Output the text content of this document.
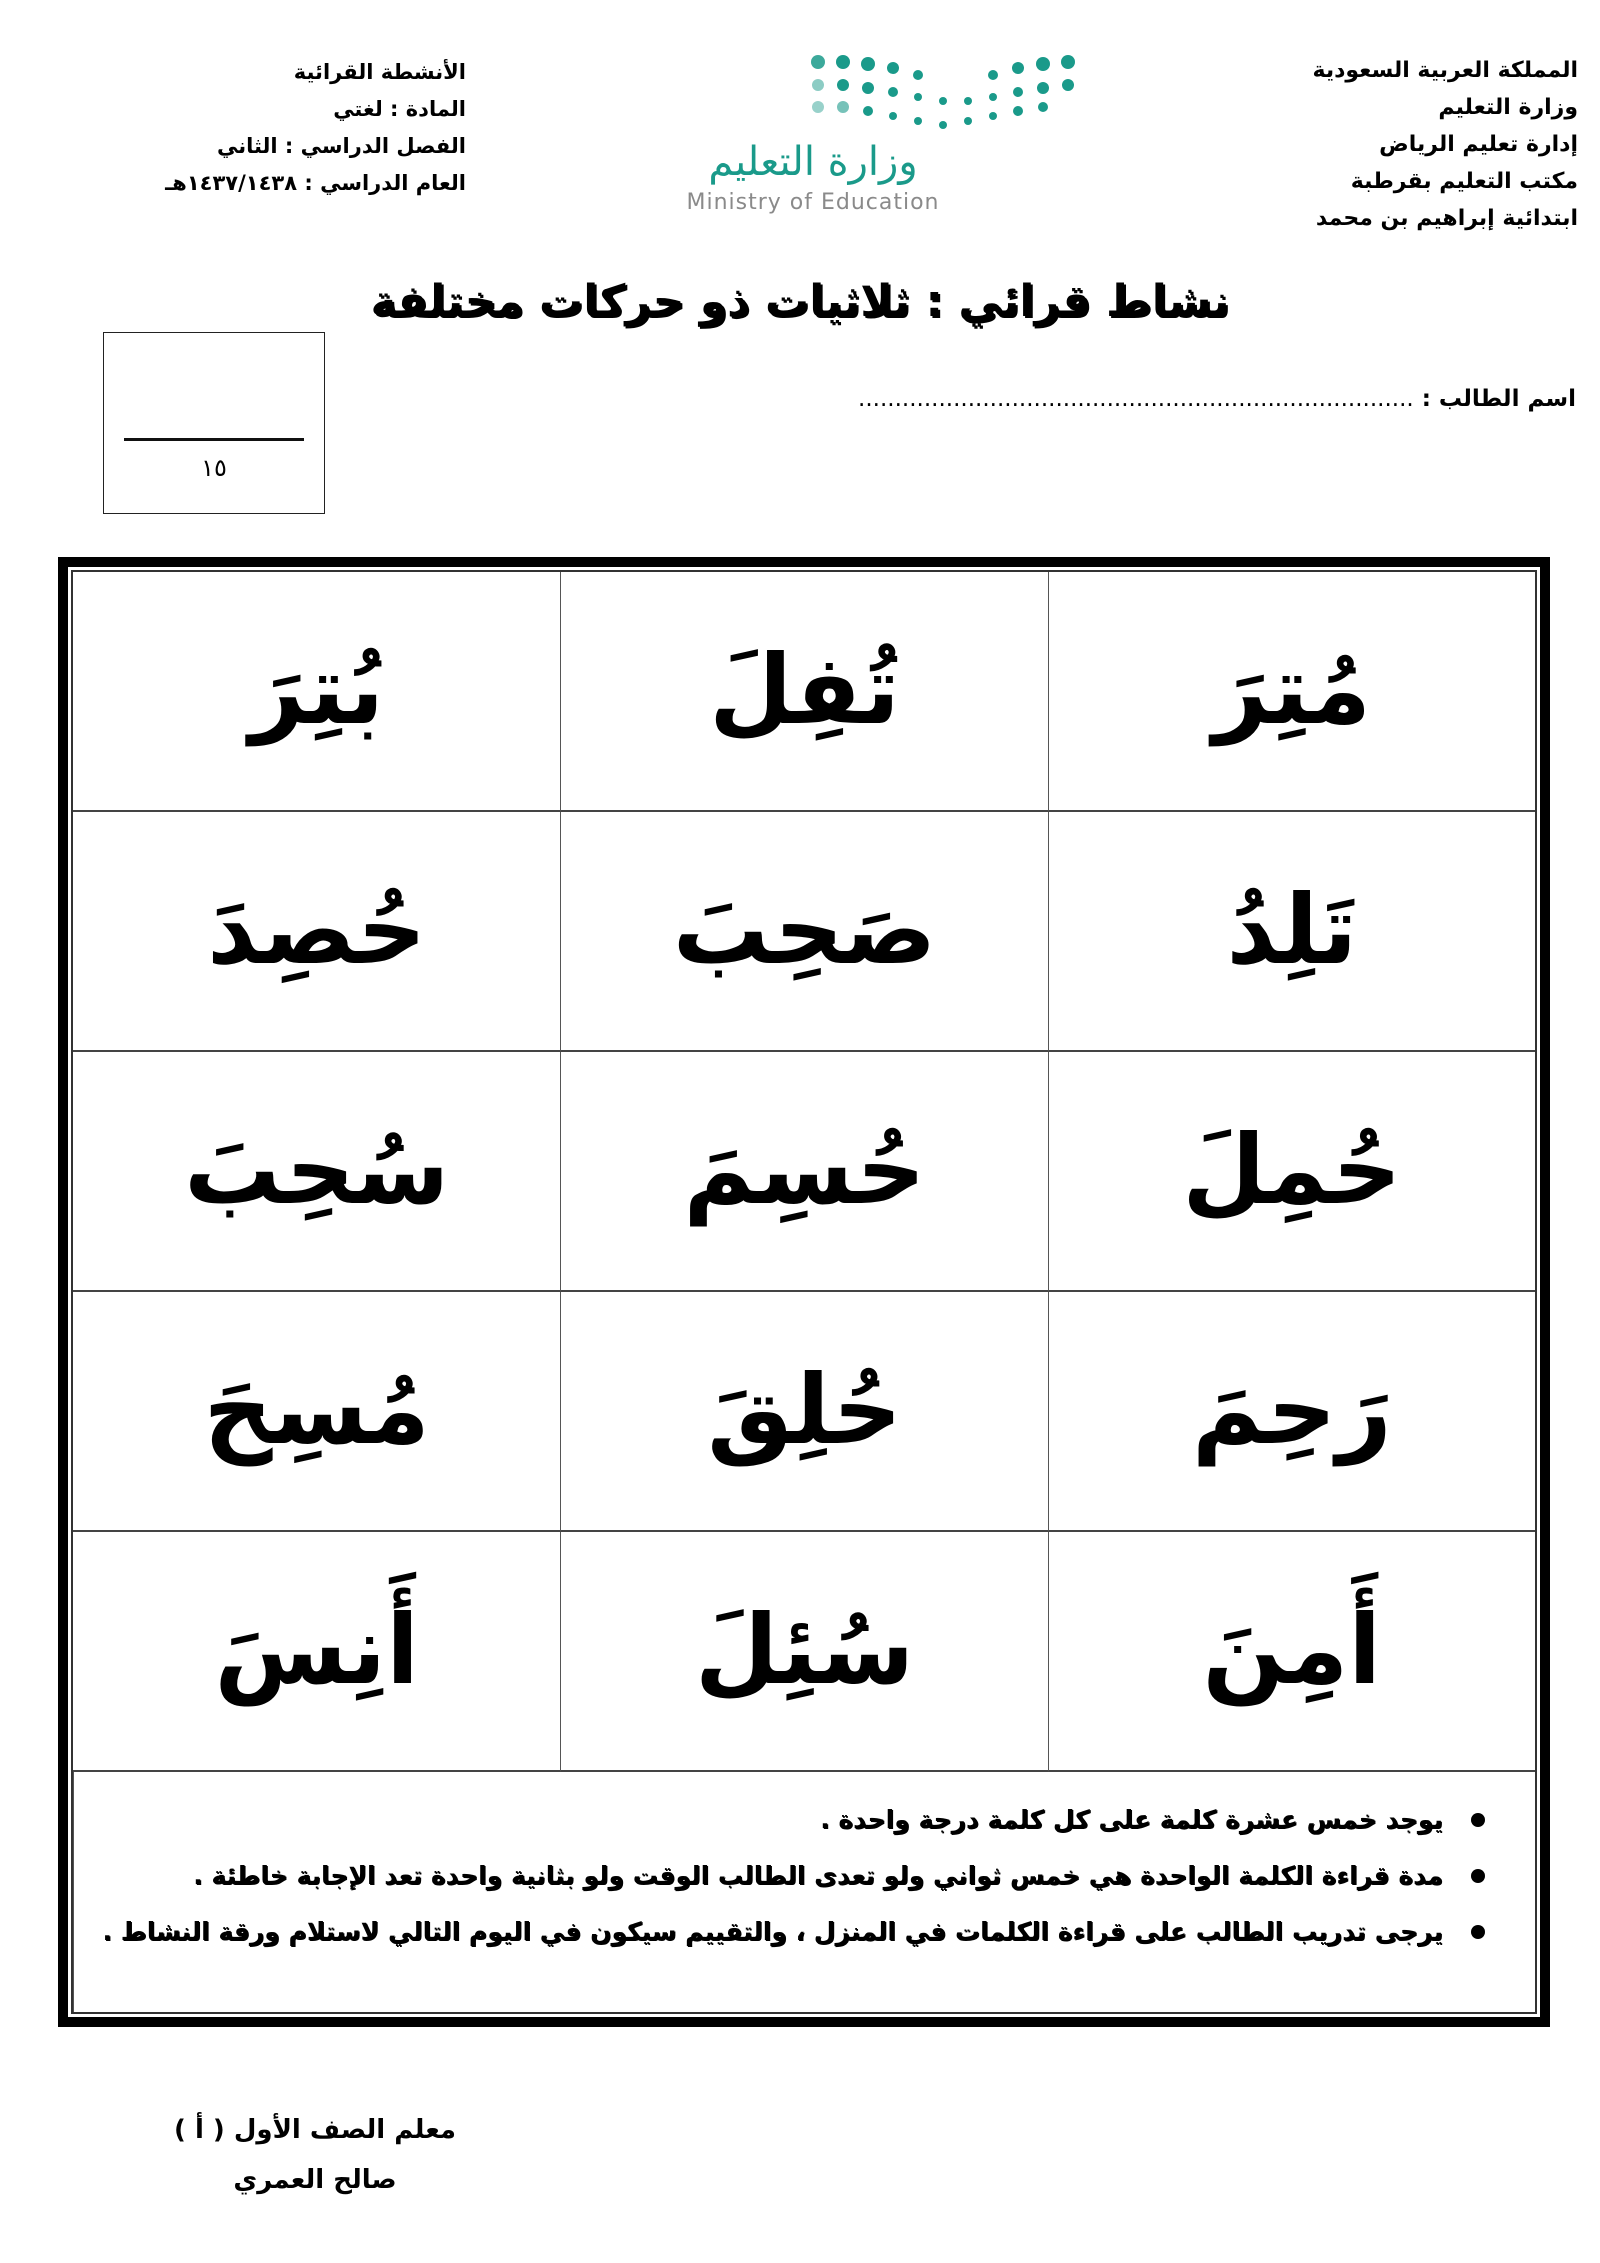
المملكة العربية السعودية
وزارة التعليم
إدارة تعليم الرياض
مكتب التعليم بقرطبة
ابتدائية إبراهيم بن محمد
الأنشطة القرائية
المادة : لغتي
الفصل الدراسي : الثاني
العام الدراسي : ١٤٣٧/١٤٣٨هـ	وزارة التعليم
Ministry of Education
نشاط قرائي : ثلاثيات ذو حركات مختلفة
١٥
اسم الطالب : ............................................................................
مُتِرَ
تُفِلَ
بُتِرَ
تَلِدُ
صَحِبَ
حُصِدَ
حُمِلَ
حُسِمَ
سُحِبَ
رَحِمَ
حُلِقَ
مُسِحَ
أَمِنَ
سُئِلَ
أَنِسَ
يوجد خمس عشرة كلمة على كل كلمة درجة واحدة .
مدة قراءة الكلمة الواحدة هي خمس ثواني ولو تعدى الطالب الوقت ولو بثانية واحدة تعد الإجابة خاطئة .
يرجى تدريب الطالب على قراءة الكلمات في المنزل ، والتقييم سيكون في اليوم التالي لاستلام ورقة النشاط .
معلم الصف الأول ( أ )
صالح العمري
